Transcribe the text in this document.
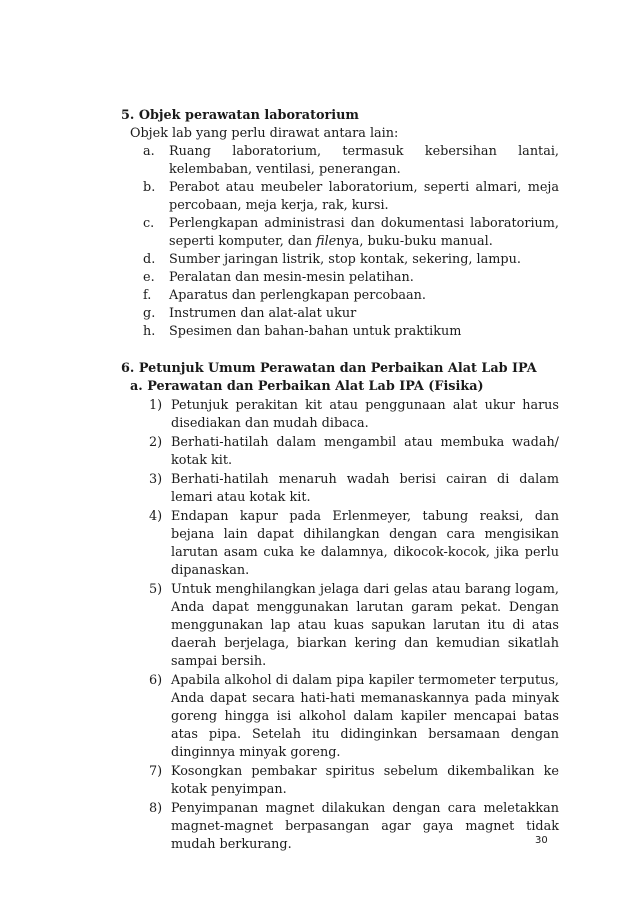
5. Objek perawatan laboratorium
Objek lab yang perlu dirawat antara lain:
a.	Ruang laboratorium, termasuk kebersihan lantai, kelembaban, ventilasi, penerangan.
b.	Perabot atau meubeler laboratorium, seperti almari, meja percobaan, meja kerja, rak, kursi.
c.	Perlengkapan administrasi dan dokumentasi laboratorium, seperti komputer, dan filenya, buku-buku manual.
d.	Sumber jaringan listrik, stop kontak, sekering, lampu.
e.	Peralatan dan mesin-mesin pelatihan.
f.	Aparatus dan perlengkapan percobaan.
g.	Instrumen dan alat-alat ukur
h.	Spesimen dan bahan-bahan untuk praktikum
6. Petunjuk Umum Perawatan dan Perbaikan Alat Lab IPA
a. Perawatan dan Perbaikan Alat Lab IPA (Fisika)
1) Petunjuk perakitan kit atau penggunaan alat ukur harus disediakan dan mudah dibaca.
2) Berhati-hatilah dalam mengambil atau membuka wadah/ kotak kit.
3) Berhati-hatilah menaruh wadah berisi cairan di dalam lemari atau kotak kit.
4) Endapan kapur pada Erlenmeyer, tabung reaksi, dan bejana lain dapat dihilangkan dengan cara mengisikan larutan asam cuka ke dalamnya, dikocok-kocok, jika perlu dipanaskan.
5) Untuk menghilangkan jelaga dari gelas atau barang logam, Anda dapat menggunakan larutan garam pekat. Dengan menggunakan lap atau kuas sapukan larutan itu di atas daerah berjelaga, biarkan kering dan kemudian sikatlah sampai bersih.
6) Apabila alkohol di dalam pipa kapiler termometer terputus, Anda dapat secara hati-hati memanaskannya pada minyak goreng hingga isi alkohol dalam kapiler mencapai batas atas pipa. Setelah itu didinginkan bersamaan dengan dinginnya minyak goreng.
7) Kosongkan pembakar spiritus sebelum dikembalikan ke kotak penyimpan.
8) Penyimpanan magnet dilakukan dengan cara meletakkan magnet-magnet berpasangan agar gaya magnet tidak mudah berkurang.	30
